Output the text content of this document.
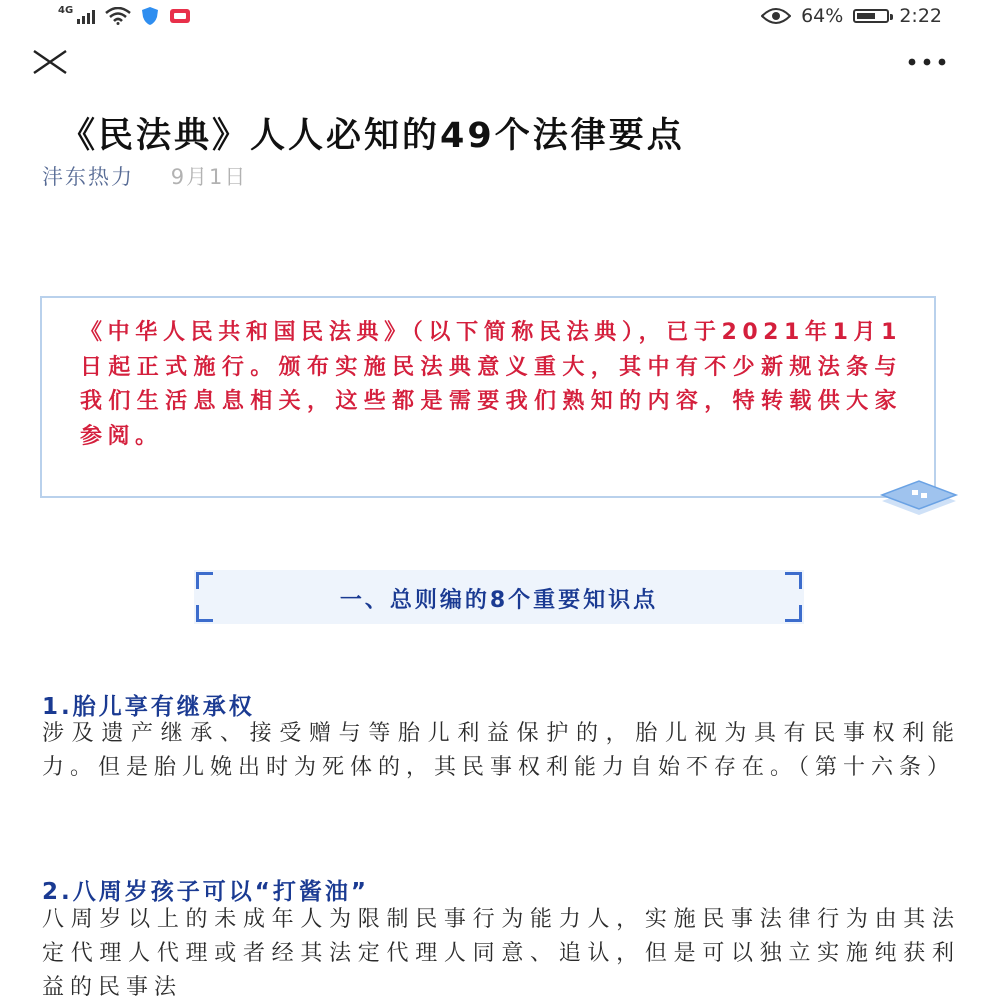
4G	64%	2:22
《民法典》人人必知的49个法律要点
沣东热力 9月1日
《中华人民共和国民法典》（以下简称民法典），已于2021年1月1日起正式施行。颁布实施民法典意义重大，其中有不少新规法条与我们生活息息相关，这些都是需要我们熟知的内容，特转载供大家参阅。
一、总则编的8个重要知识点
1.胎儿享有继承权
涉及遗产继承、接受赠与等胎儿利益保护的，胎儿视为具有民事权利能力。但是胎儿娩出时为死体的，其民事权利能力自始不存在。（第十六条）
2.八周岁孩子可以“打酱油”
八周岁以上的未成年人为限制民事行为能力人，实施民事法律行为由其法定代理人代理或者经其法定代理人同意、追认，但是可以独立实施纯获利益的民事法
